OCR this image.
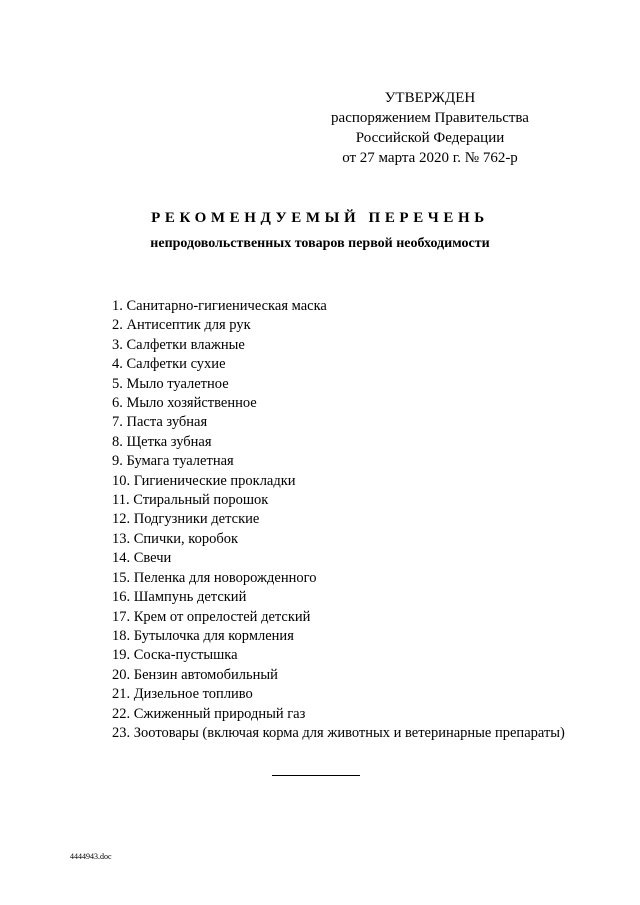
УТВЕРЖДЕН
распоряжением Правительства
Российской Федерации
от 27 марта 2020 г. № 762-р
РЕКОМЕНДУЕМЫЙ ПЕРЕЧЕНЬ
непродовольственных товаров первой необходимости
1. Санитарно-гигиеническая маска
2. Антисептик для рук
3. Салфетки влажные
4. Салфетки сухие
5. Мыло туалетное
6. Мыло хозяйственное
7. Паста зубная
8. Щетка зубная
9. Бумага туалетная
10. Гигиенические прокладки
11. Стиральный порошок
12. Подгузники детские
13. Спички, коробок
14. Свечи
15. Пеленка для новорожденного
16. Шампунь детский
17. Крем от опрелостей детский
18. Бутылочка для кормления
19. Соска-пустышка
20. Бензин автомобильный
21. Дизельное топливо
22. Сжиженный природный газ
23. Зоотовары (включая корма для животных и ветеринарные препараты)
4444943.doc
